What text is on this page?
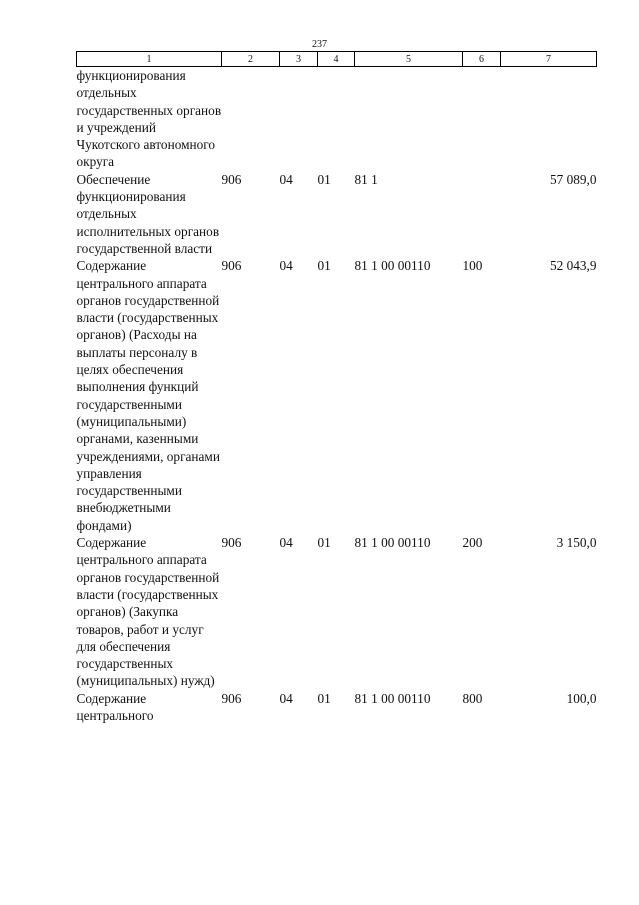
237
1	2	3	4	5	6	7
функционирования отдельных государственных органов и учреждений Чукотского автономного округа						
Обеспечение функционирования отдельных исполнительных органов государственной власти	906	04	01	81 1		57 089,0
Содержание центрального аппарата органов государственной власти (государственных органов) (Расходы на выплаты персоналу в целях обеспечения выполнения функций государственными (муниципальными) органами, казенными учреждениями, органами управления государственными внебюджетными фондами)	906	04	01	81 1 00 00110	100	52 043,9
Содержание центрального аппарата органов государственной власти (государственных органов) (Закупка товаров, работ и услуг для обеспечения государственных (муниципальных) нужд)	906	04	01	81 1 00 00110	200	3 150,0
Содержание центрального	906	04	01	81 1 00 00110	800	100,0
